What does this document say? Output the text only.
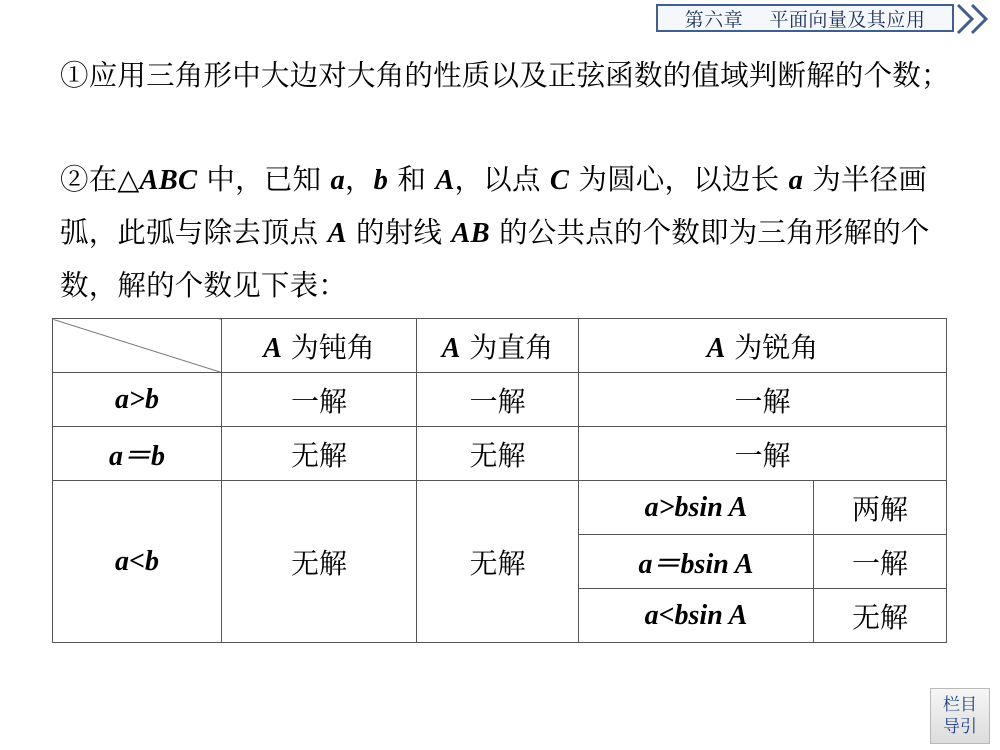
第六章
平面向量及其应用
①应用三角形中大边对大角的性质以及正弦函数的值域判断解的个数；
②在△ABC 中，已知 a，b 和 A，以点 C 为圆心，以边长 a 为半径画弧，此弧与除去顶点 A 的射线 AB 的公共点的个数即为三角形解的个数，解的个数见下表：
	A 为钝角	A 为直角	A 为锐角	
a>b	一解	一解	一解	
a＝b	无解	无解	一解	
a<b	无解	无解	a>bsin A	两解
			a＝bsin A	一解
			a<bsin A	无解
栏目
导引
